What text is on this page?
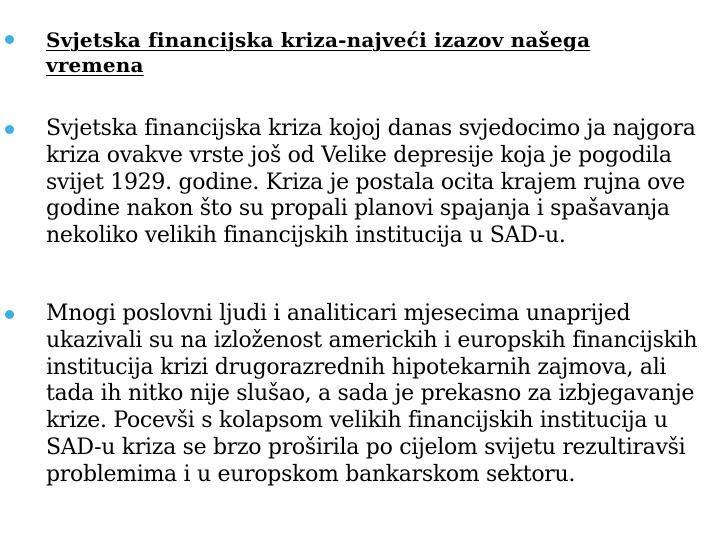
Svjetska financijska kriza-najveći izazov našega vremena
Svjetska financijska kriza kojoj danas svjedocimo ja najgora kriza ovakve vrste još od Velike depresije koja je pogodila svijet 1929. godine. Kriza je postala ocita krajem rujna ove godine nakon što su propali planovi spajanja i spašavanja nekoliko velikih financijskih institucija u SAD-u.
Mnogi poslovni ljudi i analiticari mjesecima unaprijed ukazivali su na izloženost americkih i europskih financijskih institucija krizi drugorazrednih hipotekarnih zajmova, ali tada ih nitko nije slušao, a sada je prekasno za izbjegavanje krize. Pocevši s kolapsom velikih financijskih institucija u SAD-u kriza se brzo proširila po cijelom svijetu rezultiravši problemima i u europskom bankarskom sektoru.
